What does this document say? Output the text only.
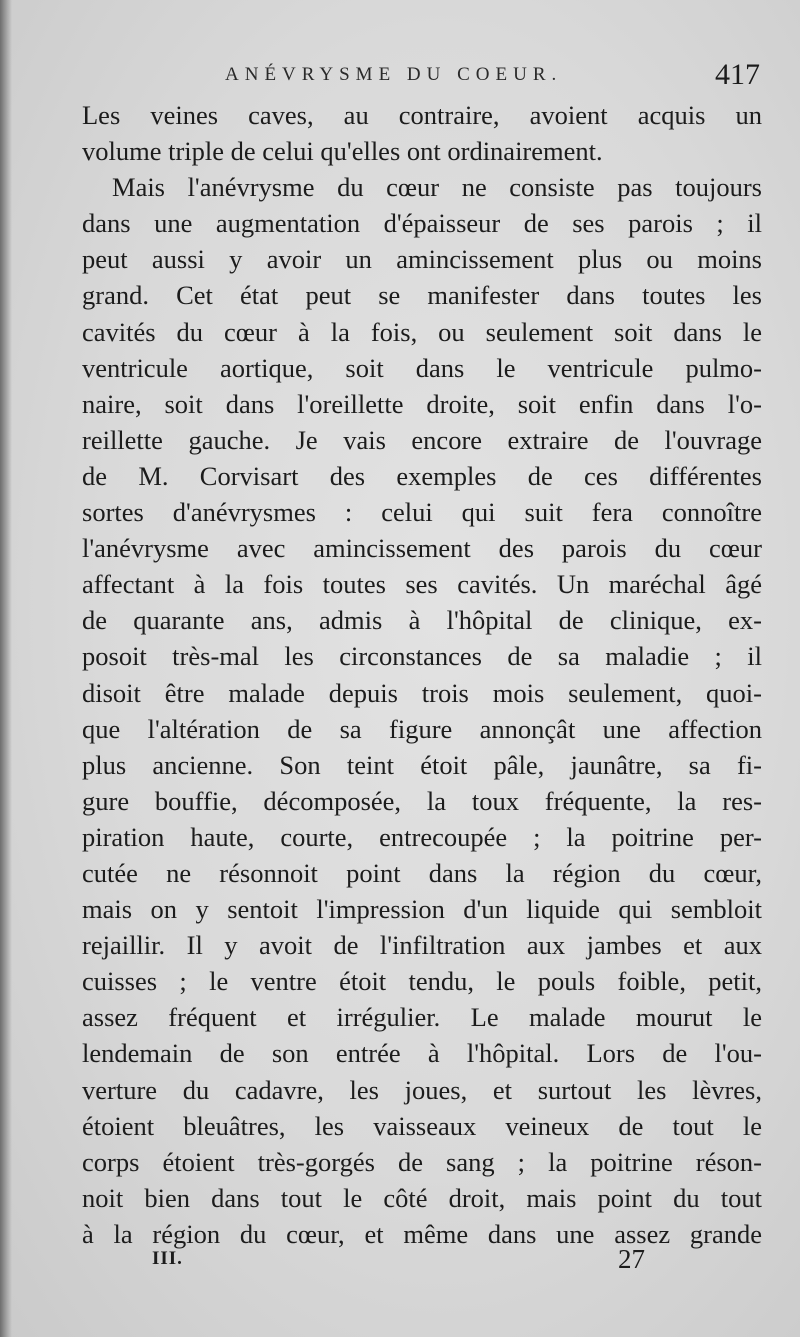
ANÉVRYSME DU COEUR.	417
Les veines caves, au contraire, avoient acquis un
volume triple de celui qu'elles ont ordinairement.
Mais l'anévrysme du cœur ne consiste pas toujours
dans une augmentation d'épaisseur de ses parois ; il
peut aussi y avoir un amincissement plus ou moins
grand. Cet état peut se manifester dans toutes les
cavités du cœur à la fois, ou seulement soit dans le
ventricule aortique, soit dans le ventricule pulmo-
naire, soit dans l'oreillette droite, soit enfin dans l'o-
reillette gauche. Je vais encore extraire de l'ouvrage
de M. Corvisart des exemples de ces différentes
sortes d'anévrysmes : celui qui suit fera connoître
l'anévrysme avec amincissement des parois du cœur
affectant à la fois toutes ses cavités. Un maréchal âgé
de quarante ans, admis à l'hôpital de clinique, ex-
posoit très-mal les circonstances de sa maladie ; il
disoit être malade depuis trois mois seulement, quoi-
que l'altération de sa figure annonçât une affection
plus ancienne. Son teint étoit pâle, jaunâtre, sa fi-
gure bouffie, décomposée, la toux fréquente, la res-
piration haute, courte, entrecoupée ; la poitrine per-
cutée ne résonnoit point dans la région du cœur,
mais on y sentoit l'impression d'un liquide qui sembloit
rejaillir. Il y avoit de l'infiltration aux jambes et aux
cuisses ; le ventre étoit tendu, le pouls foible, petit,
assez fréquent et irrégulier. Le malade mourut le
lendemain de son entrée à l'hôpital. Lors de l'ou-
verture du cadavre, les joues, et surtout les lèvres,
étoient bleuâtres, les vaisseaux veineux de tout le
corps étoient très-gorgés de sang ; la poitrine réson-
noit bien dans tout le côté droit, mais point du tout
à la région du cœur, et même dans une assez grande
III.	27
